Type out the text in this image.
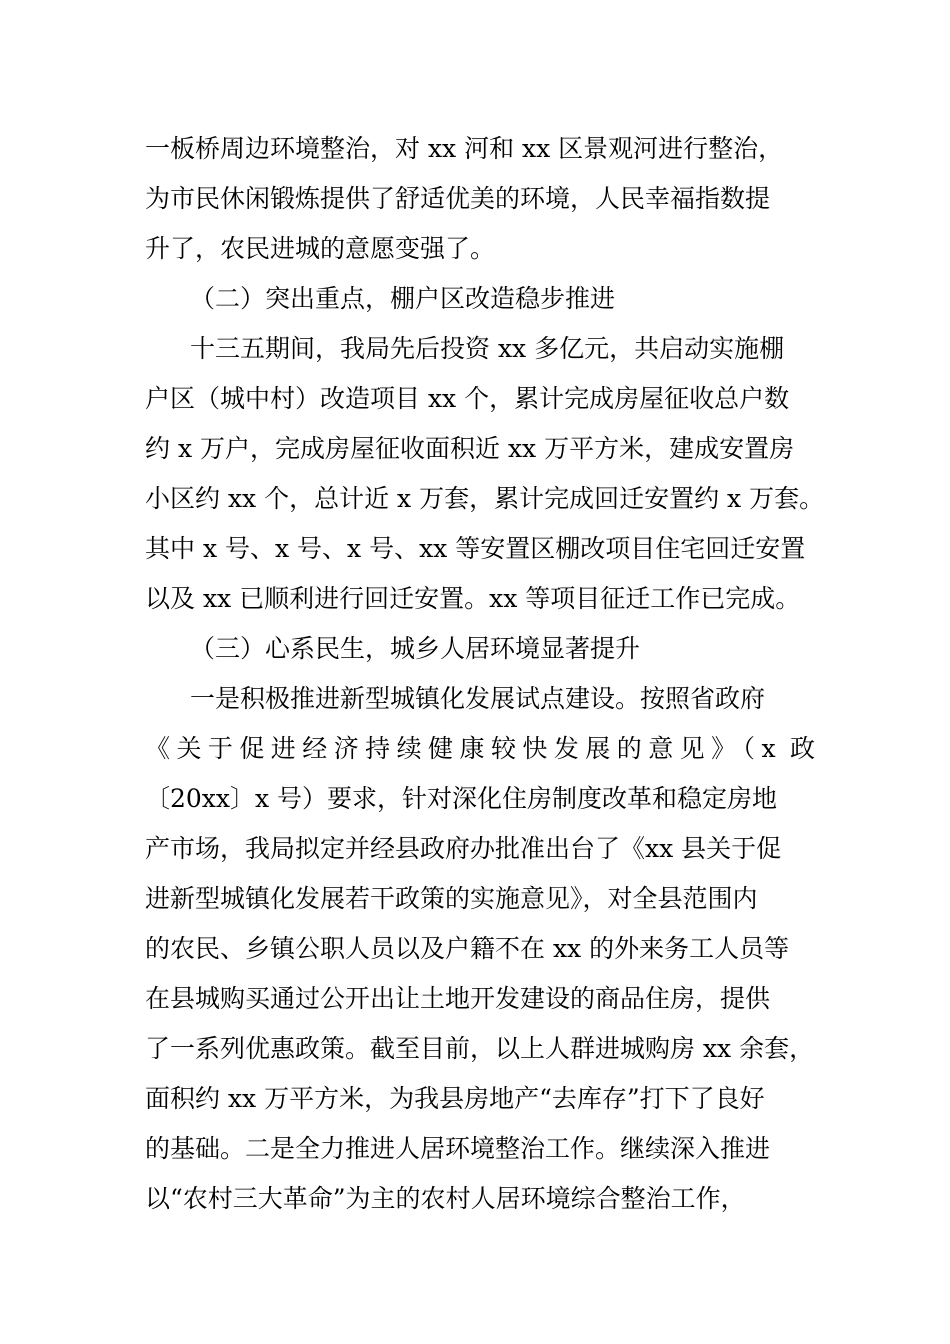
一板桥周边环境整治，对 xx 河和 xx 区景观河进行整治，
为市民休闲锻炼提供了舒适优美的环境，人民幸福指数提
升了，农民进城的意愿变强了。
（二）突出重点，棚户区改造稳步推进
十三五期间，我局先后投资 xx 多亿元，共启动实施棚
户区（城中村）改造项目 xx 个，累计完成房屋征收总户数
约 x 万户，完成房屋征收面积近 xx 万平方米，建成安置房
小区约 xx 个，总计近 x 万套，累计完成回迁安置约 x 万套。
其中 x 号、x 号、x 号、xx 等安置区棚改项目住宅回迁安置
以及 xx 已顺利进行回迁安置。xx 等项目征迁工作已完成。
（三）心系民生，城乡人居环境显著提升
一是积极推进新型城镇化发展试点建设。按照省政府
《关于促进经济持续健康较快发展的意见》（x 政
〔20xx〕x 号）要求，针对深化住房制度改革和稳定房地
产市场，我局拟定并经县政府办批准出台了《xx 县关于促
进新型城镇化发展若干政策的实施意见》，对全县范围内
的农民、乡镇公职人员以及户籍不在 xx 的外来务工人员等
在县城购买通过公开出让土地开发建设的商品住房，提供
了一系列优惠政策。截至目前，以上人群进城购房 xx 余套，
面积约 xx 万平方米，为我县房地产“去库存”打下了良好
的基础。二是全力推进人居环境整治工作。继续深入推进
以“农村三大革命”为主的农村人居环境综合整治工作，
